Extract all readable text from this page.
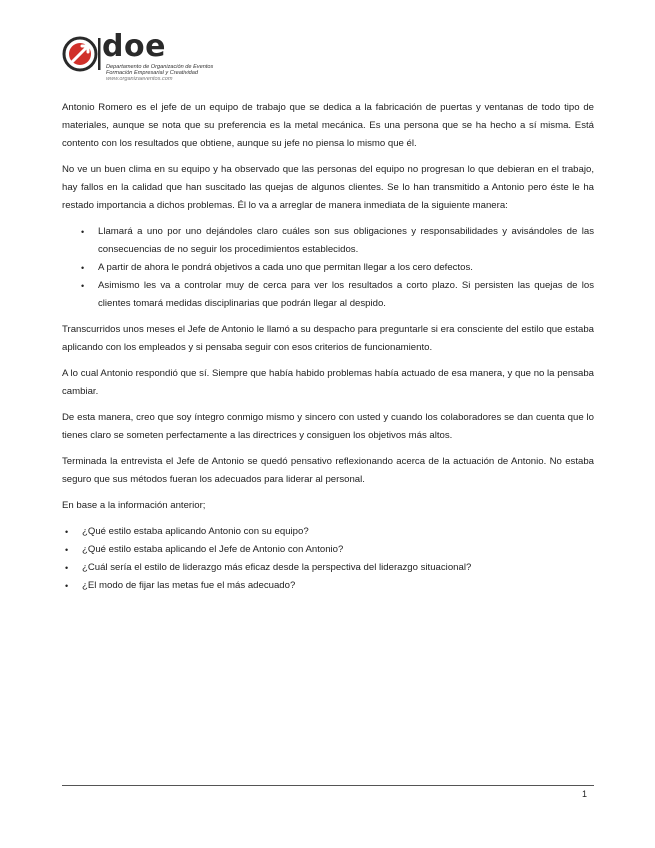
doe
Departamento de Organización de Eventos
Formación Empresarial y Creatividad
www.organizaeventos.com

Antonio Romero es el jefe de un equipo de trabajo que se dedica a la fabricación de puertas y ventanas de todo tipo de materiales, aunque se nota que su preferencia es la metal mecánica. Es una persona que se ha hecho a sí misma. Está contento con los resultados que obtiene, aunque su jefe no piensa lo mismo que él.

No ve un buen clima en su equipo y ha observado que las personas del equipo no progresan lo que debieran en el trabajo, hay fallos en la calidad que han suscitado las quejas de algunos clientes. Se lo han transmitido a Antonio pero éste le ha restado importancia a dichos problemas. Él lo va a arreglar de manera inmediata de la siguiente manera:

• Llamará a uno por uno dejándoles claro cuáles son sus obligaciones y responsabilidades y avisándoles de las consecuencias de no seguir los procedimientos establecidos.
• A partir de ahora le pondrá objetivos a cada uno que permitan llegar a los cero defectos.
• Asimismo les va a controlar muy de cerca para ver los resultados a corto plazo. Si persisten las quejas de los clientes tomará medidas disciplinarias que podrán llegar al despido.

Transcurridos unos meses el Jefe de Antonio le llamó a su despacho para preguntarle si era consciente del estilo que estaba aplicando con los empleados y si pensaba seguir con esos criterios de funcionamiento.

A lo cual Antonio respondió que sí. Siempre que había habido problemas había actuado de esa manera, y que no la pensaba cambiar.

De esta manera, creo que soy íntegro conmigo mismo y sincero con usted y cuando los colaboradores se dan cuenta que lo tienes claro se someten perfectamente a las directrices y consiguen los objetivos más altos.

Terminada la entrevista el Jefe de Antonio se quedó pensativo reflexionando acerca de la actuación de Antonio. No estaba seguro que sus métodos fueran los adecuados para liderar al personal.

En base a la información anterior;

• ¿Qué estilo estaba aplicando Antonio con su equipo?
• ¿Qué estilo estaba aplicando el Jefe de Antonio con Antonio?
• ¿Cuál sería el estilo de liderazgo más eficaz desde la perspectiva del liderazgo situacional?
• ¿El modo de fijar las metas fue el más adecuado?
1
